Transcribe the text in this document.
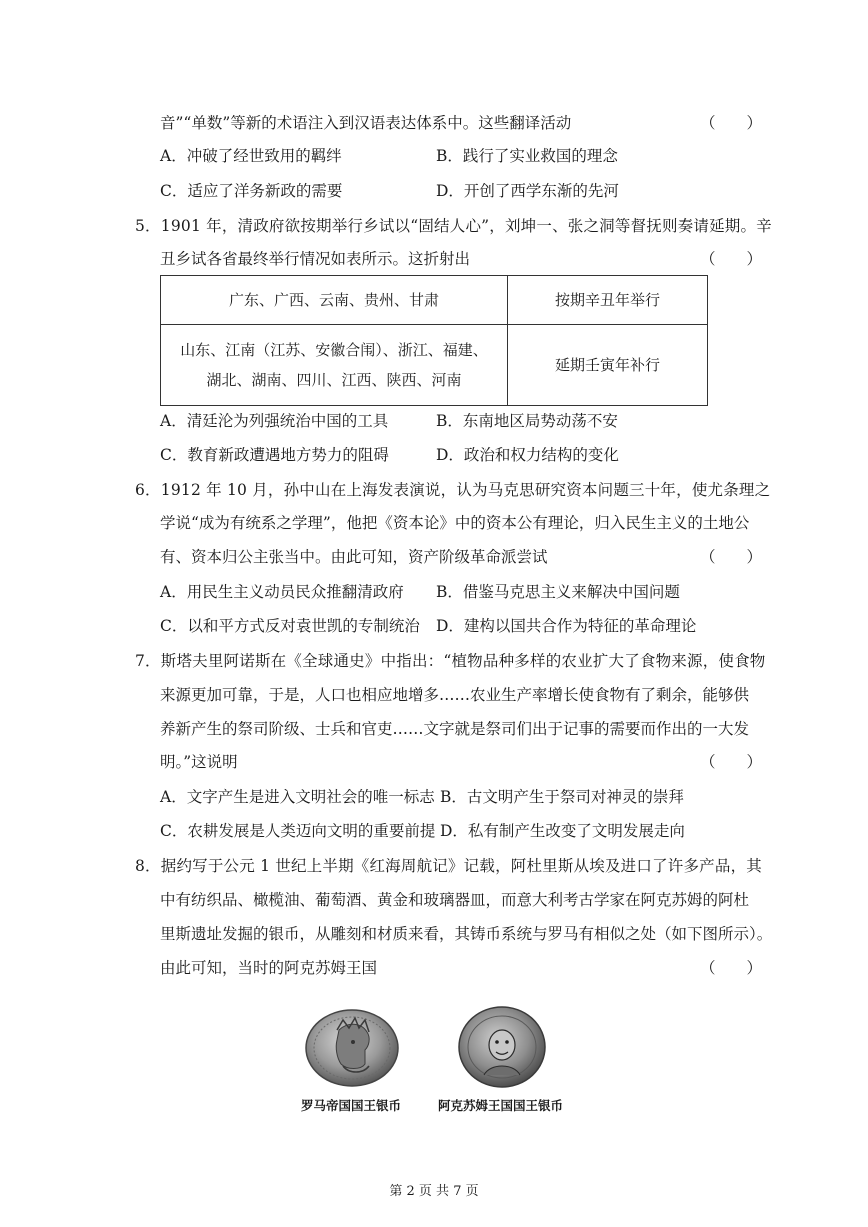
音”“单数”等新的术语注入到汉语表达体系中。这些翻译活动	（　　）
A．冲破了经世致用的羁绊	B．践行了实业救国的理念
C．适应了洋务新政的需要	D．开创了西学东渐的先河
5．1901 年，清政府欲按期举行乡试以“固结人心”，刘坤一、张之洞等督抚则奏请延期。辛
丑乡试各省最终举行情况如表所示。这折射出	（　　）
广东、广西、云南、贵州、甘肃	按期辛丑年举行

山东、江南（江苏、安徽合闱）、浙江、福建、
湖北、湖南、四川、江西、陕西、河南	延期壬寅年补行
A．清廷沦为列强统治中国的工具	B．东南地区局势动荡不安
C．教育新政遭遇地方势力的阻碍	D．政治和权力结构的变化
6．1912 年 10 月，孙中山在上海发表演说，认为马克思研究资本问题三十年，使尤条理之
学说“成为有统系之学理”，他把《资本论》中的资本公有理论，归入民生主义的土地公
有、资本归公主张当中。由此可知，资产阶级革命派尝试	（　　）
A．用民生主义动员民众推翻清政府 B．借鉴马克思主义来解决中国问题
C．以和平方式反对袁世凯的专制统治 D．建构以国共合作为特征的革命理论
7．斯塔夫里阿诺斯在《全球通史》中指出：“植物品种多样的农业扩大了食物来源，使食物
来源更加可靠，于是，人口也相应地增多……农业生产率增长使食物有了剩余，能够供
养新产生的祭司阶级、士兵和官吏……文字就是祭司们出于记事的需要而作出的一大发
明。”这说明	（　　）
A．文字产生是进入文明社会的唯一标志 B．古文明产生于祭司对神灵的崇拜
C．农耕发展是人类迈向文明的重要前提 D．私有制产生改变了文明发展走向
8．据约写于公元 1 世纪上半期《红海周航记》记载，阿杜里斯从埃及进口了许多产品，其
中有纺织品、橄榄油、葡萄酒、黄金和玻璃器皿，而意大利考古学家在阿克苏姆的阿杜
里斯遗址发掘的银币，从雕刻和材质来看，其铸币系统与罗马有相似之处（如下图所示）。
由此可知，当时的阿克苏姆王国	（　　）
罗马帝国国王银币	阿克苏姆王国国王银币
第 2 页 共 7 页
